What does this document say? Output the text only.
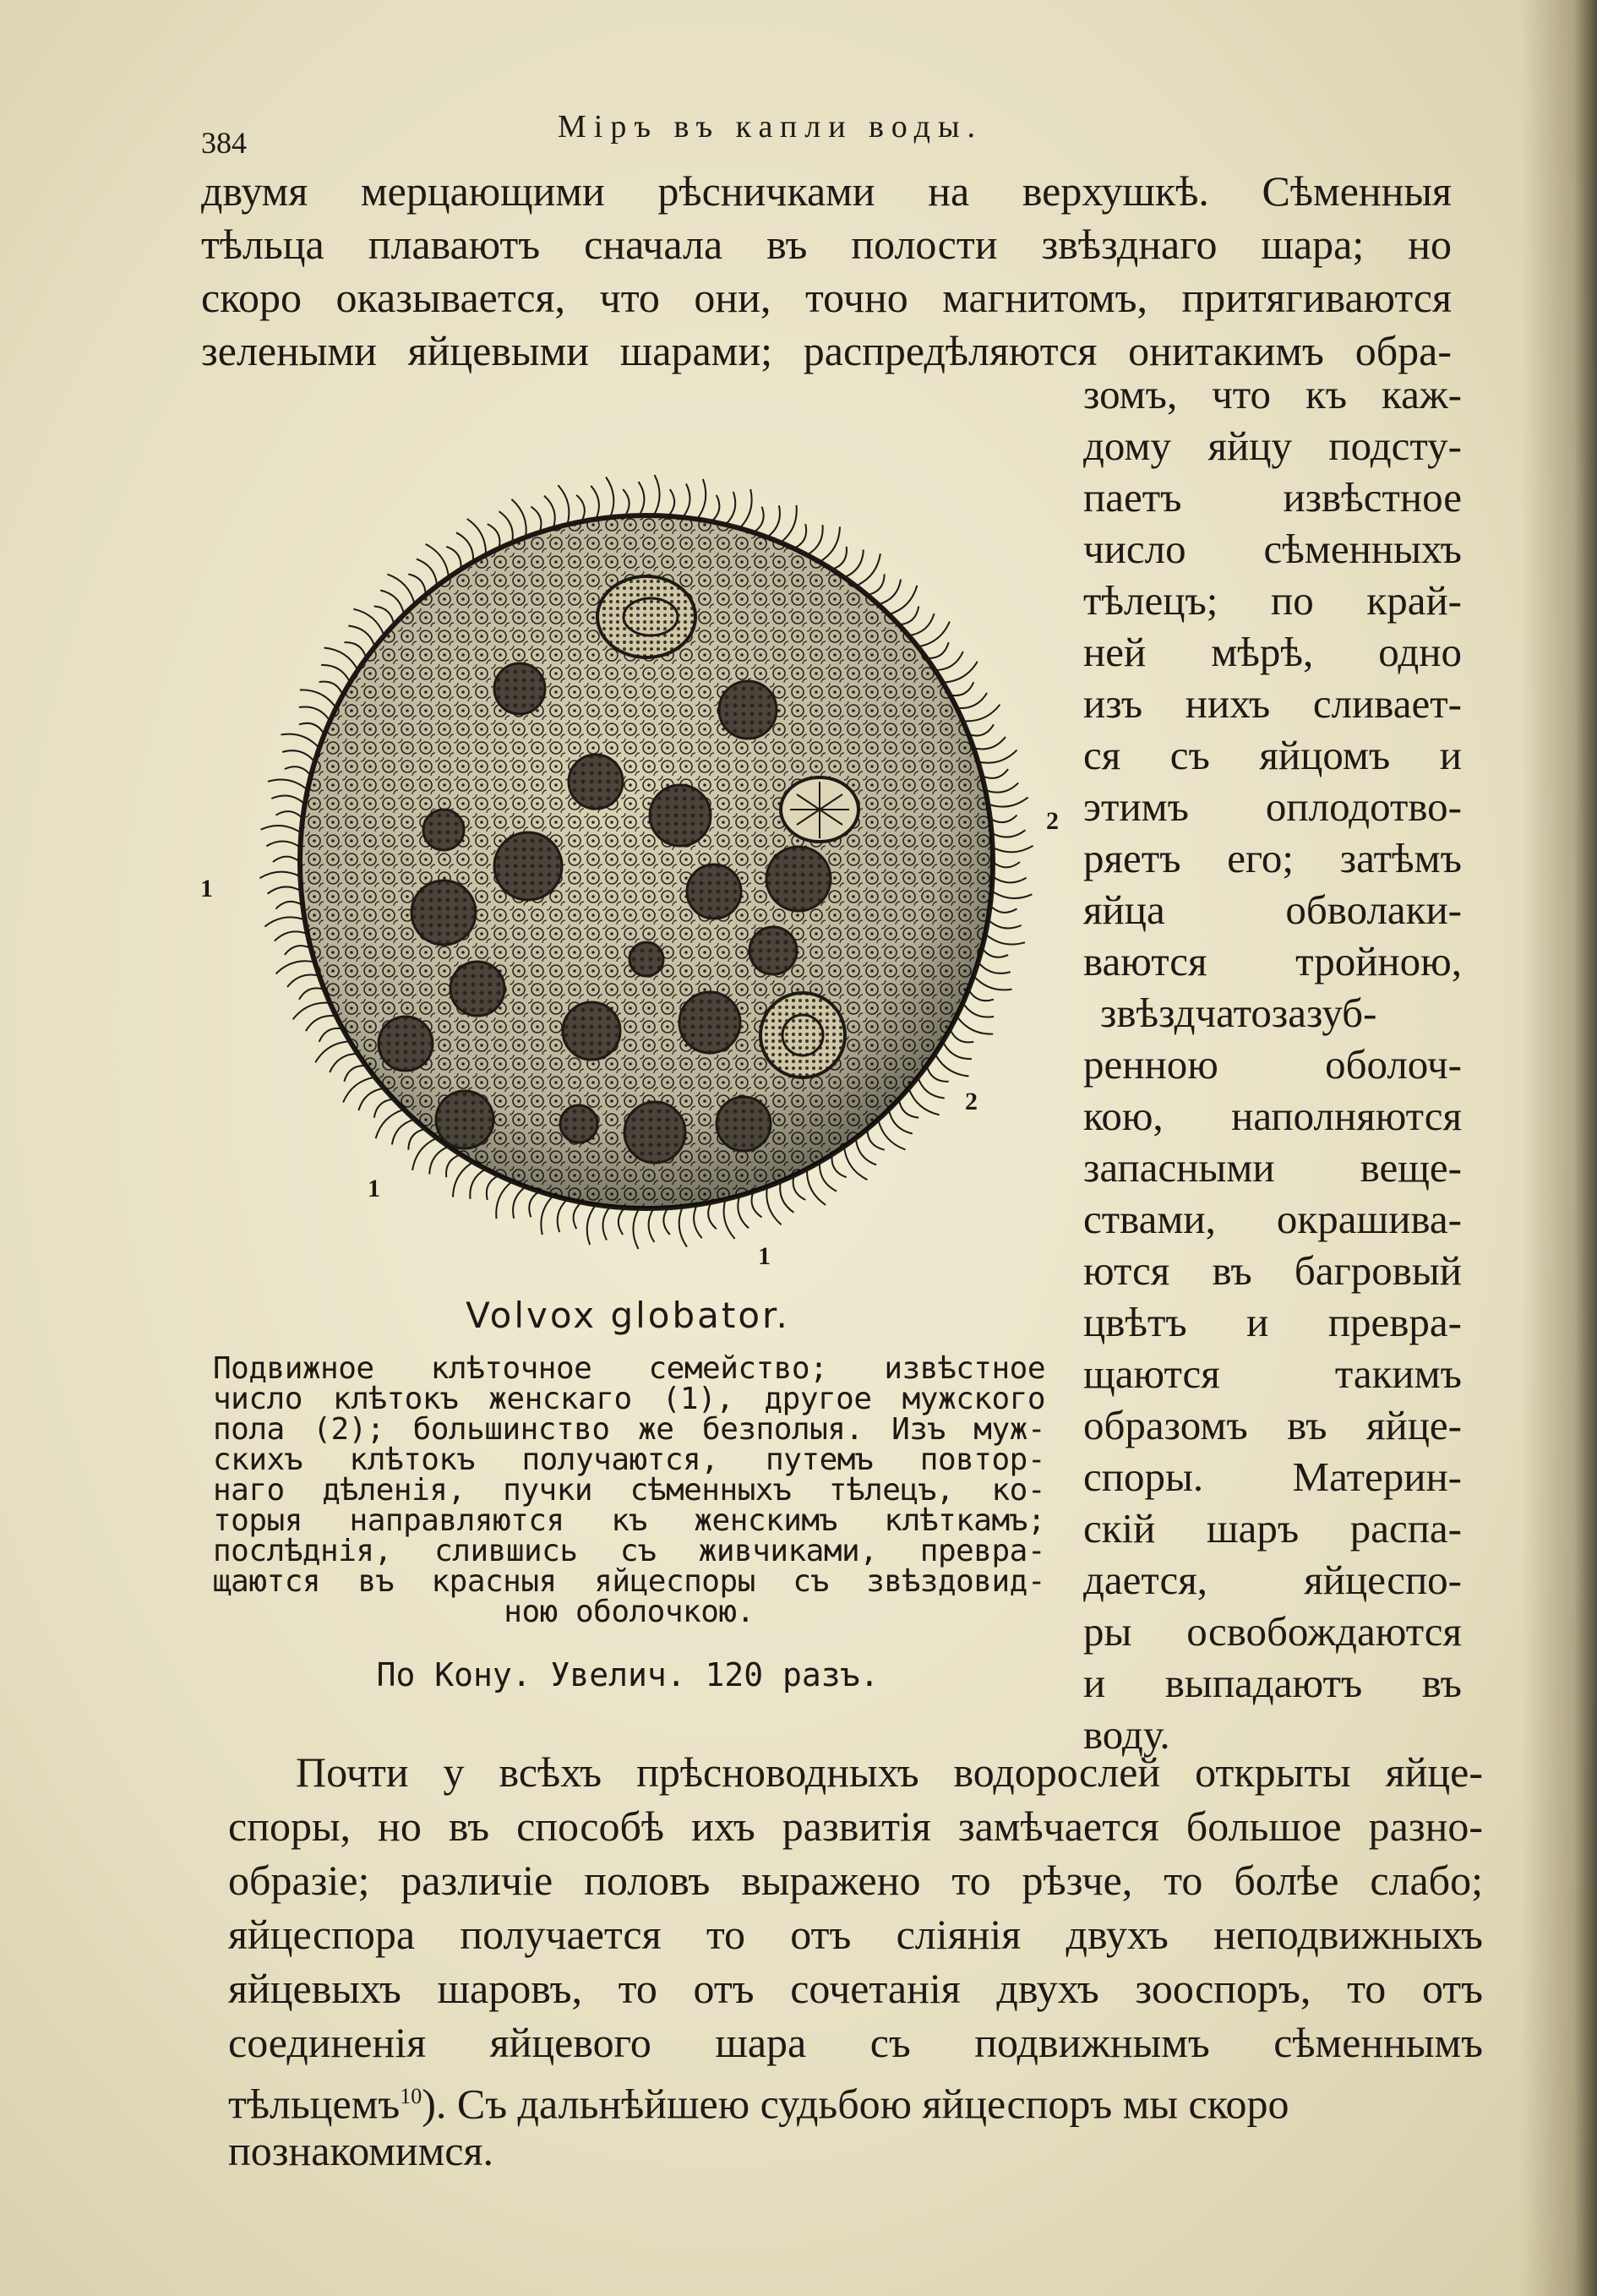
384	Міръ въ капли воды.
двумя мерцающими рѣсничками на верхушкѣ. Сѣменныя
тѣльца плаваютъ сначала въ полости звѣзднаго шара; но
скоро оказывается, что они, точно магнитомъ, притягиваются
зелеными яйцевыми шарами; распредѣляются онитакимъ обра-
зомъ, что къ каж-
дому яйцу подсту-
паетъ извѣстное
число сѣменныхъ
тѣлецъ; по край-
ней мѣрѣ, одно
изъ нихъ сливает-
ся съ яйцомъ и
этимъ оплодотво-
ряетъ его; затѣмъ
яйца обволаки-
ваются тройною,
звѣздчатозазуб-
ренною оболоч-
кою, наполняются
запасными веще-
ствами, окрашива-
ются въ багровый
цвѣтъ и превра-
щаются такимъ
образомъ въ яйце-
споры. Материн-
скій шаръ распа-
дается, яйцеспо-
ры освобождаются
и выпадаютъ въ
воду.
1
2
2
1
1
Volvox globator.
Подвижное клѣточное семейство; извѣстное
число клѣтокъ женскаго (1), другое мужского
пола (2); большинство же безполыя. Изъ муж-
скихъ клѣтокъ получаются, путемъ повтор-
наго дѣленія, пучки сѣменныхъ тѣлецъ, ко-
торыя направляются къ женскимъ клѣткамъ;
послѣднія, слившись съ живчиками, превра-
щаются въ красныя яйцеспоры съ звѣздовид-
ною оболочкою.
По Кону. Увелич. 120 разъ.
Почти у всѣхъ прѣсноводныхъ водорослей открыты яйце-
споры, но въ способѣ ихъ развитія замѣчается большое разно-
образіе; различіе половъ выражено то рѣзче, то болѣе слабо;
яйцеспора получается то отъ сліянія двухъ неподвижныхъ
яйцевыхъ шаровъ, то отъ сочетанія двухъ зооспоръ, то отъ
соединенія яйцевого шара съ подвижнымъ сѣменнымъ
тѣльцемъ$^{10}$). Съ дальнѣйшею судьбою яйцеспоръ мы скоро
познакомимся.
